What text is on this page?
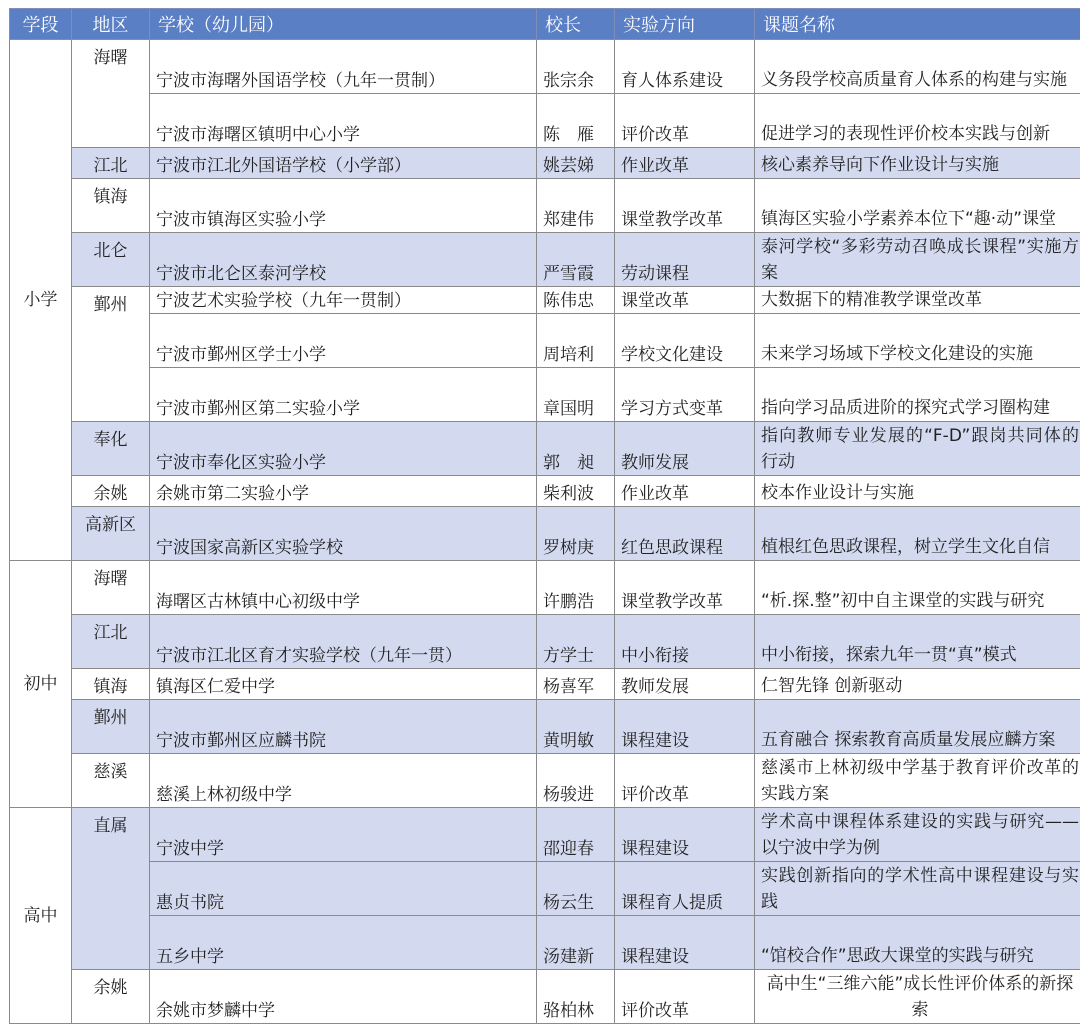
学段	地区	学校（幼儿园）	校长	实验方向	课题名称
小学	海曙	宁波市海曙外国语学校（九年一贯制）	张宗余	育人体系建设	义务段学校高质量育人体系的构建与实施
		宁波市海曙区镇明中心小学	陈　雁	评价改革	促进学习的表现性评价校本实践与创新
	江北	宁波市江北外国语学校（小学部）	姚芸娣	作业改革	核心素养导向下作业设计与实施
	镇海	宁波市镇海区实验小学	郑建伟	课堂教学改革	镇海区实验小学素养本位下“趣·动”课堂
	北仑	宁波市北仑区泰河学校	严雪霞	劳动课程	泰河学校“多彩劳动召唤成长课程”实施方案
	鄞州	宁波艺术实验学校（九年一贯制）	陈伟忠	课堂改革	大数据下的精准教学课堂改革
		宁波市鄞州区学士小学	周培利	学校文化建设	未来学习场域下学校文化建设的实施
		宁波市鄞州区第二实验小学	章国明	学习方式变革	指向学习品质进阶的探究式学习圈构建
	奉化	宁波市奉化区实验小学	郭　昶	教师发展	指向教师专业发展的“F-D”跟岗共同体的行动
	余姚	余姚市第二实验小学	柴利波	作业改革	校本作业设计与实施
	高新区	宁波国家高新区实验学校	罗树庚	红色思政课程	植根红色思政课程，树立学生文化自信
初中	海曙	海曙区古林镇中心初级中学	许鹏浩	课堂教学改革	“析.探.整”初中自主课堂的实践与研究
	江北	宁波市江北区育才实验学校（九年一贯）	方学士	中小衔接	中小衔接，探索九年一贯“真”模式
	镇海	镇海区仁爱中学	杨喜军	教师发展	仁智先锋 创新驱动
	鄞州	宁波市鄞州区应麟书院	黄明敏	课程建设	五育融合 探索教育高质量发展应麟方案
	慈溪	慈溪上林初级中学	杨骏进	评价改革	慈溪市上林初级中学基于教育评价改革的实践方案
高中	直属	宁波中学	邵迎春	课程建设	学术高中课程体系建设的实践与研究——以宁波中学为例
		惠贞书院	杨云生	课程育人提质	实践创新指向的学术性高中课程建设与实践
		五乡中学	汤建新	课程建设	“馆校合作”思政大课堂的实践与研究
	余姚	余姚市梦麟中学	骆柏林	评价改革	高中生“三维六能”成长性评价体系的新探索
